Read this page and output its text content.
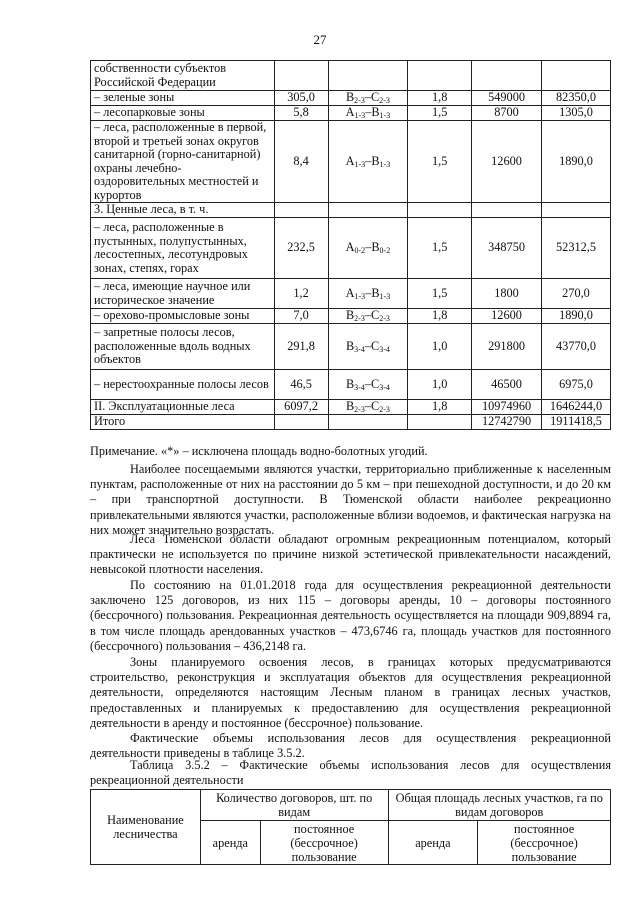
27
собственности субъектов Российской Федерации					
– зеленые зоны	305,0	$B_{2-3}-C_{2-3}$	1,8	549000	82350,0
– лесопарковые зоны	5,8	$A_{1-3}-B_{1-3}$	1,5	8700	1305,0
– леса, расположенные в первой, второй и третьей зонах округов санитарной (горно-санитарной) охраны лечебно-оздоровительных местностей и курортов	8,4	$A_{1-3}-B_{1-3}$	1,5	12600	1890,0
3. Ценные леса, в т. ч.					
– леса, расположенные в пустынных, полупустынных, лесостепных, лесотундровых зонах, степях, горах	232,5	$A_{0-2}-B_{0-2}$	1,5	348750	52312,5
– леса, имеющие научное или историческое значение	1,2	$A_{1-3}-B_{1-3}$	1,5	1800	270,0
– орехово-промысловые зоны	7,0	$B_{2-3}-C_{2-3}$	1,8	12600	1890,0
– запретные полосы лесов, расположенные вдоль водных объектов	291,8	$B_{3-4}-C_{3-4}$	1,0	291800	43770,0
– нерестоохранные полосы лесов	46,5	$B_{3-4}-C_{3-4}$	1,0	46500	6975,0
II. Эксплуатационные леса	6097,2	$B_{2-3}-C_{2-3}$	1,8	10974960	1646244,0
Итого				12742790	1911418,5
Примечание. «*» – исключена площадь водно-болотных угодий.

Наиболее посещаемыми являются участки, территориально приближенные к населенным пунктам, расположенные от них на расстоянии до 5 км – при пешеходной доступности, и до 20 км – при транспортной доступности. В Тюменской области наиболее рекреационно привлекательными являются участки, расположенные вблизи водоемов, и фактическая нагрузка на них может значительно возрастать.

Леса Тюменской области обладают огромным рекреационным потенциалом, который практически не используется по причине низкой эстетической привлекательности насаждений, невысокой плотности населения.

По состоянию на 01.01.2018 года для осуществления рекреационной деятельности заключено 125 договоров, из них 115 – договоры аренды, 10 – договоры постоянного (бессрочного) пользования. Рекреационная деятельность осуществляется на площади 909,8894 га, в том числе площадь арендованных участков – 473,6746 га, площадь участков для постоянного (бессрочного) пользования – 436,2148 га.

Зоны планируемого освоения лесов, в границах которых предусматриваются строительство, реконструкция и эксплуатация объектов для осуществления рекреационной деятельности, определяются настоящим Лесным планом в границах лесных участков, предоставленных и планируемых к предоставлению для осуществления рекреационной деятельности в аренду и постоянное (бессрочное) пользование.

Фактические объемы использования лесов для осуществления рекреационной деятельности приведены в таблице 3.5.2.

Таблица 3.5.2 – Фактические объемы использования лесов для осуществления рекреационной деятельности

Наименование лесничества	Количество договоров, шт. по видам		Общая площадь лесных участков, га по видам договоров	
	аренда	постоянное (бессрочное) пользование	аренда	постоянное (бессрочное) пользование
